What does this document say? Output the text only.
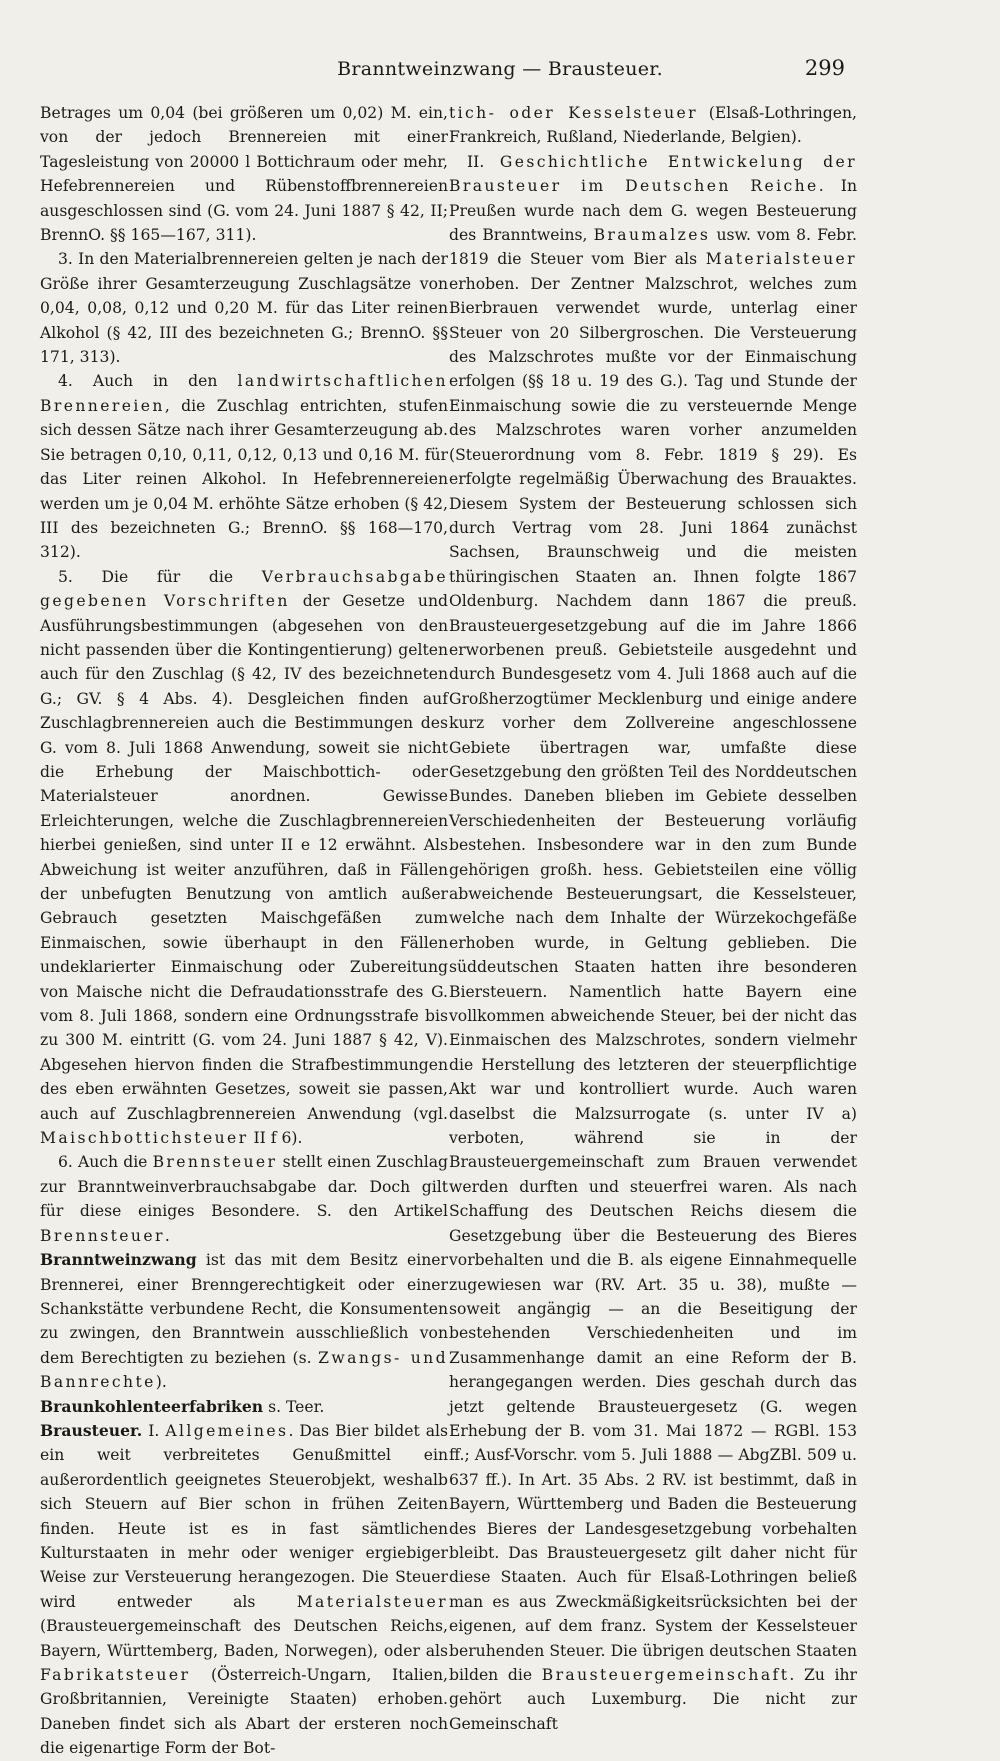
Branntweinzwang — Brausteuer.	299

Betrages um 0,04 (bei größeren um 0,02) M. ein, von der jedoch Brennereien mit einer Tagesleistung von 20000 l Bottichraum oder mehr, Hefebrennereien und Rübenstoffbrennereien ausgeschlossen sind (G. vom 24. Juni 1887 § 42, II; BrennO. §§ 165—167, 311).

3. In den Materialbrennereien gelten je nach der Größe ihrer Gesamterzeugung Zuschlagsätze von 0,04, 0,08, 0,12 und 0,20 M. für das Liter reinen Alkohol (§ 42, III des bezeichneten G.; BrennO. §§ 171, 313).

4. Auch in den landwirtschaftlichen Brennereien, die Zuschlag entrichten, stufen sich dessen Sätze nach ihrer Gesamterzeugung ab. Sie betragen 0,10, 0,11, 0,12, 0,13 und 0,16 M. für das Liter reinen Alkohol. In Hefebrennereien werden um je 0,04 M. erhöhte Sätze erhoben (§ 42, III des bezeichneten G.; BrennO. §§ 168—170, 312).

5. Die für die Verbrauchsabgabe gegebenen Vorschriften der Gesetze und Ausführungsbestimmungen (abgesehen von den nicht passenden über die Kontingentierung) gelten auch für den Zuschlag (§ 42, IV des bezeichneten G.; GV. § 4 Abs. 4). Desgleichen finden auf Zuschlagbrennereien auch die Bestimmungen des G. vom 8. Juli 1868 Anwendung, soweit sie nicht die Erhebung der Maischbottich- oder Materialsteuer anordnen. Gewisse Erleichterungen, welche die Zuschlagbrennereien hierbei genießen, sind unter II e 12 erwähnt. Als Abweichung ist weiter anzuführen, daß in Fällen der unbefugten Benutzung von amtlich außer Gebrauch gesetzten Maischgefäßen zum Einmaischen, sowie überhaupt in den Fällen undeklarierter Einmaischung oder Zubereitung von Maische nicht die Defraudationsstrafe des G. vom 8. Juli 1868, sondern eine Ordnungsstrafe bis zu 300 M. eintritt (G. vom 24. Juni 1887 § 42, V). Abgesehen hiervon finden die Strafbestimmungen des eben erwähnten Gesetzes, soweit sie passen, auch auf Zuschlagbrennereien Anwendung (vgl. Maischbottichsteuer II f 6).

6. Auch die Brennsteuer stellt einen Zuschlag zur Branntweinverbrauchsabgabe dar. Doch gilt für diese einiges Besondere. S. den Artikel Brennsteuer.

Branntweinzwang ist das mit dem Besitz einer Brennerei, einer Brenngerechtigkeit oder einer Schankstätte verbundene Recht, die Konsumenten zu zwingen, den Branntwein ausschließlich von dem Berechtigten zu beziehen (s. Zwangs- und Bannrechte).

Braunkohlenteerfabriken s. Teer.

Brausteuer. I. Allgemeines. Das Bier bildet als ein weit verbreitetes Genußmittel ein außerordentlich geeignetes Steuerobjekt, weshalb sich Steuern auf Bier schon in frühen Zeiten finden. Heute ist es in fast sämtlichen Kulturstaaten in mehr oder weniger ergiebiger Weise zur Versteuerung herangezogen. Die Steuer wird entweder als	Materialsteuer (Brausteuergemeinschaft des Deutschen Reichs, Bayern, Württemberg, Baden, Norwegen), oder als Fabrikatsteuer (Österreich-Ungarn, Italien, Großbritannien, Vereinigte Staaten) erhoben. Daneben findet sich als Abart der ersteren noch die eigenartige Form der Bot-

tich- oder Kesselsteuer (Elsaß-Lothringen, Frankreich, Rußland, Niederlande, Belgien).

II. Geschichtliche Entwickelung der Brausteuer im Deutschen Reiche. In Preußen wurde nach dem G. wegen Besteuerung des Branntweins, Braumalzes usw. vom 8. Febr. 1819 die Steuer vom Bier als Materialsteuer erhoben. Der Zentner Malzschrot, welches zum Bierbrauen verwendet wurde, unterlag einer Steuer von 20 Silbergroschen. Die Versteuerung des Malzschrotes mußte vor der Einmaischung erfolgen (§§ 18 u. 19 des G.). Tag und Stunde der Einmaischung sowie die zu versteuernde Menge des Malzschrotes waren vorher anzumelden (Steuerordnung vom 8. Febr. 1819 § 29). Es erfolgte regelmäßig Überwachung des Brauaktes. Diesem System der Besteuerung schlossen sich durch Vertrag vom 28. Juni 1864 zunächst Sachsen, Braunschweig und die meisten thüringischen Staaten an. Ihnen folgte 1867 Oldenburg. Nachdem dann 1867 die preuß. Brausteuergesetzgebung auf die im Jahre 1866 erworbenen preuß. Gebietsteile ausgedehnt und durch Bundesgesetz vom 4. Juli 1868 auch auf die Großherzogtümer Mecklenburg und einige andere kurz vorher dem Zollvereine angeschlossene Gebiete übertragen war, umfaßte diese Gesetzgebung den größten Teil des Norddeutschen Bundes. Daneben blieben im Gebiete desselben Verschiedenheiten der Besteuerung vorläufig bestehen. Insbesondere war in den zum Bunde gehörigen großh. hess. Gebietsteilen eine völlig abweichende Besteuerungsart, die Kesselsteuer, welche nach dem Inhalte der Würzekochgefäße erhoben wurde, in Geltung geblieben. Die süddeutschen Staaten hatten ihre besonderen Biersteuern. Namentlich hatte Bayern eine vollkommen abweichende Steuer, bei der nicht das Einmaischen des Malzschrotes, sondern vielmehr die Herstellung des letzteren der steuerpflichtige Akt war und kontrolliert wurde. Auch waren daselbst die Malzsurrogate (s. unter IV a) verboten, während sie in der Brausteuergemeinschaft zum Brauen verwendet werden durften und steuerfrei waren. Als nach Schaffung des Deutschen Reichs diesem die Gesetzgebung über die Besteuerung des Bieres vorbehalten und die B. als eigene Einnahmequelle zugewiesen war (RV. Art. 35 u. 38), mußte — soweit angängig — an die Beseitigung der bestehenden Verschiedenheiten und im Zusammenhange damit an eine Reform der B. herangegangen werden. Dies geschah durch das jetzt geltende Brausteuergesetz (G. wegen Erhebung der B. vom 31. Mai 1872 — RGBl. 153 ff.; Ausf-Vorschr. vom 5. Juli 1888 — AbgZBl. 509 u. 637 ff.). In Art. 35 Abs. 2 RV. ist bestimmt, daß in Bayern, Württemberg und Baden die Besteuerung des Bieres der Landesgesetzgebung vorbehalten bleibt. Das Brausteuergesetz gilt daher nicht für diese Staaten. Auch für Elsaß-Lothringen beließ man es aus Zweckmäßigkeitsrücksichten bei der eigenen, auf dem franz. System der Kesselsteuer beruhenden Steuer. Die übrigen deutschen Staaten bilden die Brausteuergemeinschaft. Zu ihr gehört auch Luxemburg. Die nicht zur Gemeinschaft
